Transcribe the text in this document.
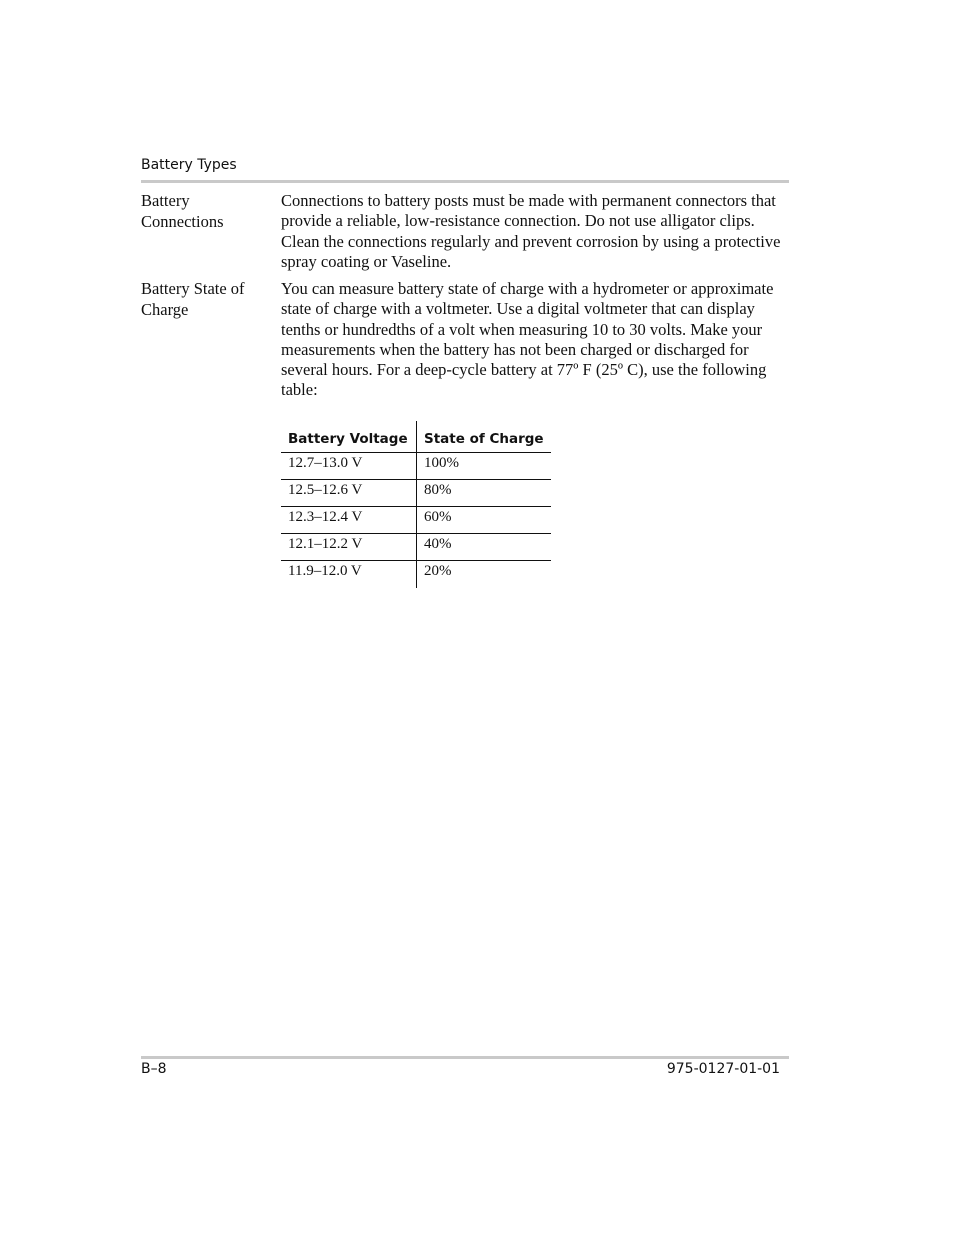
Battery Types
Battery
Connections
Connections to battery posts must be made with permanent connectors that provide a reliable, low-resistance connection. Do not use alligator clips. Clean the connections regularly and prevent corrosion by using a protective spray coating or Vaseline.
Battery State of
Charge
You can measure battery state of charge with a hydrometer or approximate state of charge with a voltmeter. Use a digital voltmeter that can display tenths or hundredths of a volt when measuring 10 to 30 volts. Make your measurements when the battery has not been charged or discharged for several hours. For a deep-cycle battery at 77º F (25º C), use the following table:
Battery Voltage	State of Charge
12.7–13.0 V	100%
12.5–12.6 V	80%
12.3–12.4 V	60%
12.1–12.2 V	40%
11.9–12.0 V	20%
B–8	975-0127-01-01
